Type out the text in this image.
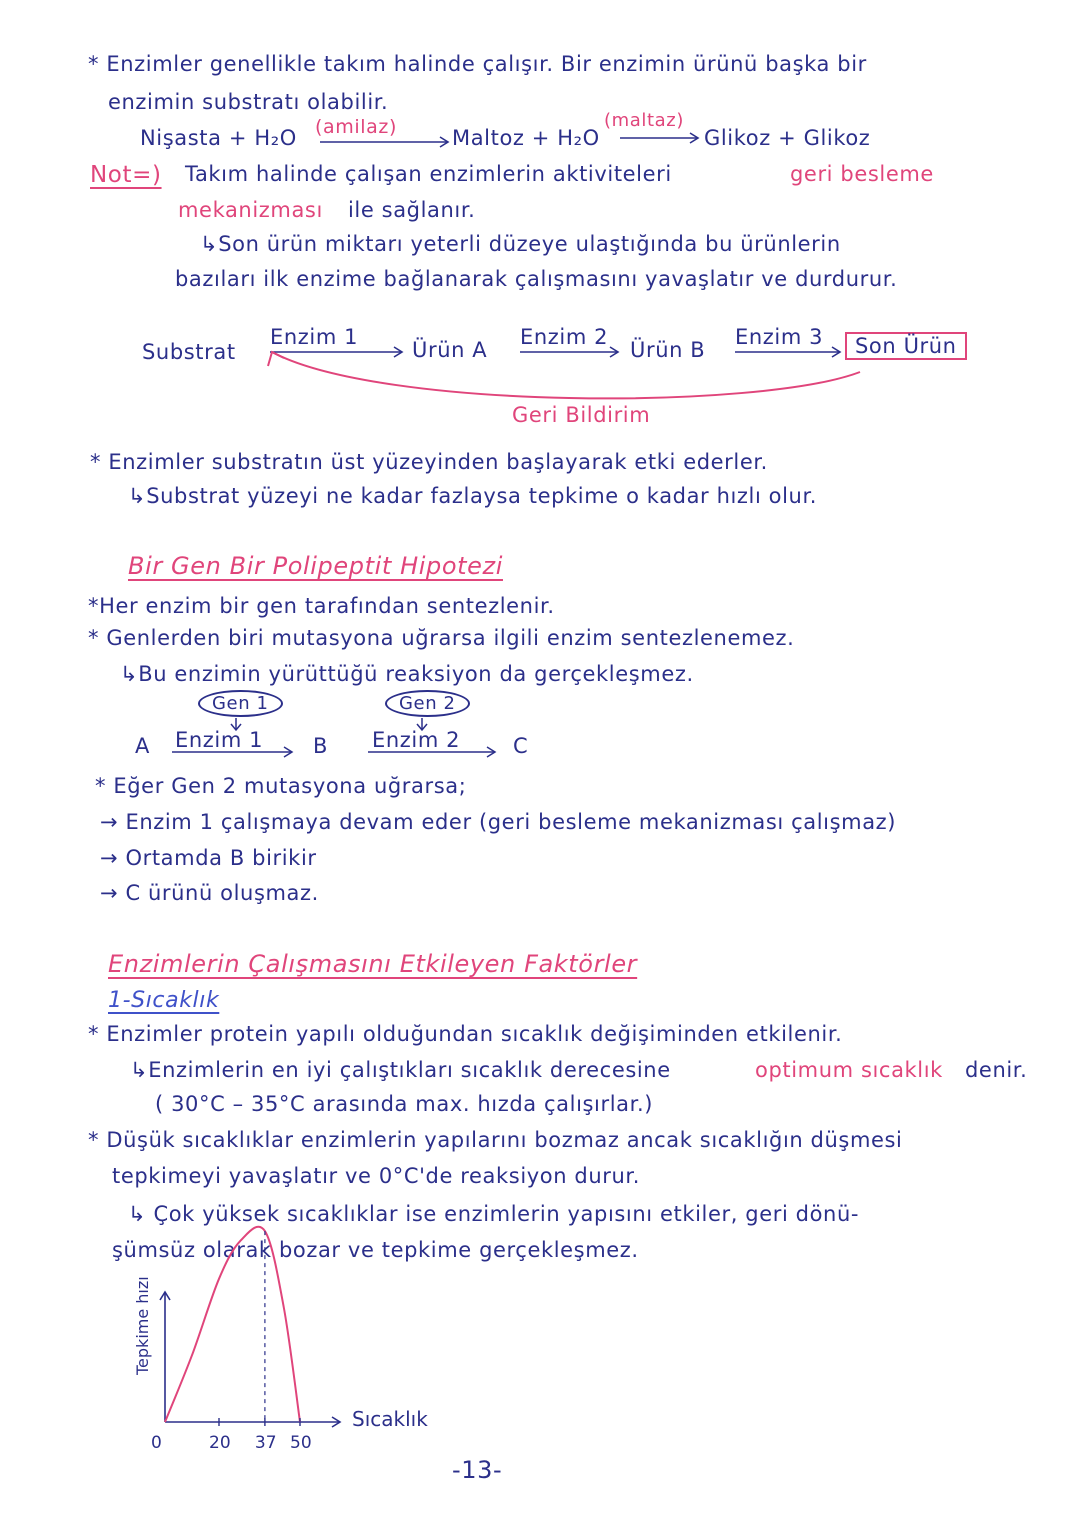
* Enzimler genellikle takım halinde çalışır. Bir enzimin ürünü başka bir
enzimin substratı olabilir.
Nişasta + H₂O (amilaz)	Maltoz + H₂O
(maltaz)
Glikoz + Glikoz
Not=) Takım halinde çalışan enzimlerin aktiviteleri	geri besleme
mekanizması ile sağlanır.
↳Son ürün miktarı yeterli düzeye ulaştığında bu ürünlerin
bazıları ilk enzime bağlanarak çalışmasını yavaşlatır ve durdurur.
Substrat
Enzim 1
Ürün A
Enzim 2
Ürün B
Enzim 3	Son Ürün
Geri Bildirim
* Enzimler substratın üst yüzeyinden başlayarak etki ederler.
↳Substrat yüzeyi ne kadar fazlaysa tepkime o kadar hızlı olur.
Bir Gen Bir Polipeptit Hipotezi
*Her enzim bir gen tarafından sentezlenir.
* Genlerden biri mutasyona uğrarsa ilgili enzim sentezlenemez.
↳Bu enzimin yürüttüğü reaksiyon da gerçekleşmez.
Gen 1	Gen 2
A Enzim 1 B Enzim 2	C
* Eğer Gen 2 mutasyona uğrarsa;
→ Enzim 1 çalışmaya devam eder (geri besleme mekanizması çalışmaz)
→ Ortamda B birikir
→ C ürünü oluşmaz.
Enzimlerin Çalışmasını Etkileyen Faktörler
1-Sıcaklık
* Enzimler protein yapılı olduğundan sıcaklık değişiminden etkilenir.
↳Enzimlerin en iyi çalıştıkları sıcaklık derecesine	optimum sıcaklık denir.
( 30°C – 35°C arasında max. hızda çalışırlar.)
* Düşük sıcaklıklar enzimlerin yapılarını bozmaz ancak sıcaklığın düşmesi
tepkimeyi yavaşlatır ve 0°C'de reaksiyon durur.
↳ Çok yüksek sıcaklıklar ise enzimlerin yapısını etkiler, geri dönü-
şümsüz olarak bozar ve tepkime gerçekleşmez.
0	20 37 50
Sıcaklık
Tepkime hızı
-13-
